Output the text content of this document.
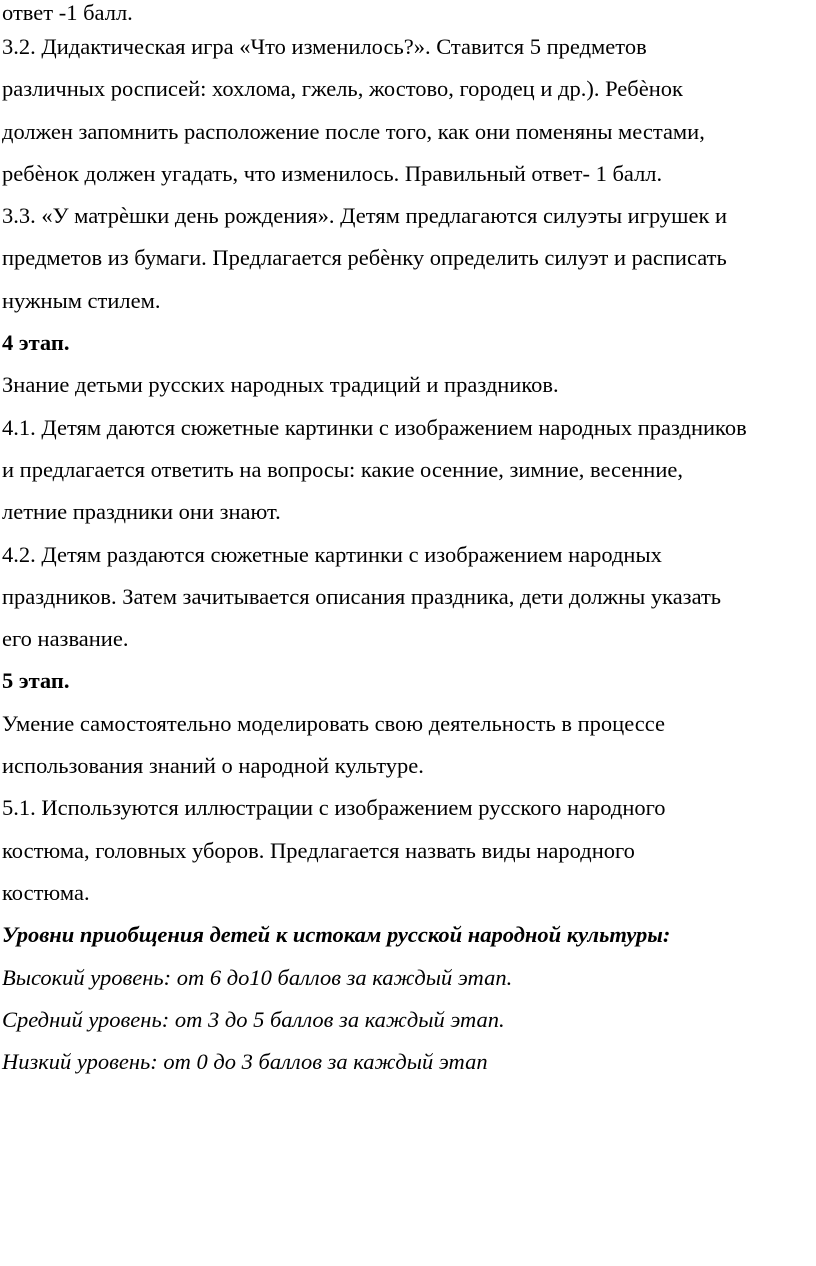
ответ -1 балл.
3.2. Дидактическая игра «Что изменилось?». Ставится 5 предметов
различных росписей: хохлома, гжель, жостово, городец и др.). Ребѐнок
должен запомнить расположение после того, как они поменяны местами,
ребѐнок должен угадать, что изменилось. Правильный ответ- 1 балл.
3.3. «У матрѐшки день рождения». Детям предлагаются силуэты игрушек и
предметов из бумаги. Предлагается ребѐнку определить силуэт и расписать
нужным стилем.
4 этап.
Знание детьми русских народных традиций и праздников.
4.1. Детям даются сюжетные картинки с изображением народных праздников
и предлагается ответить на вопросы: какие осенние, зимние, весенние,
летние праздники они знают.
4.2. Детям раздаются сюжетные картинки с изображением народных
праздников. Затем зачитывается описания праздника, дети должны указать
его название.
5 этап.
Умение самостоятельно моделировать свою деятельность в процессе
использования знаний о народной культуре.
5.1. Используются иллюстрации с изображением русского народного
костюма, головных уборов. Предлагается назвать виды народного
костюма.
Уровни приобщения детей к истокам русской народной культуры:
Высокий уровень: от 6 до10 баллов за каждый этап.
Средний уровень: от 3 до 5 баллов за каждый этап.
Низкий уровень: от 0 до 3 баллов за каждый этап
